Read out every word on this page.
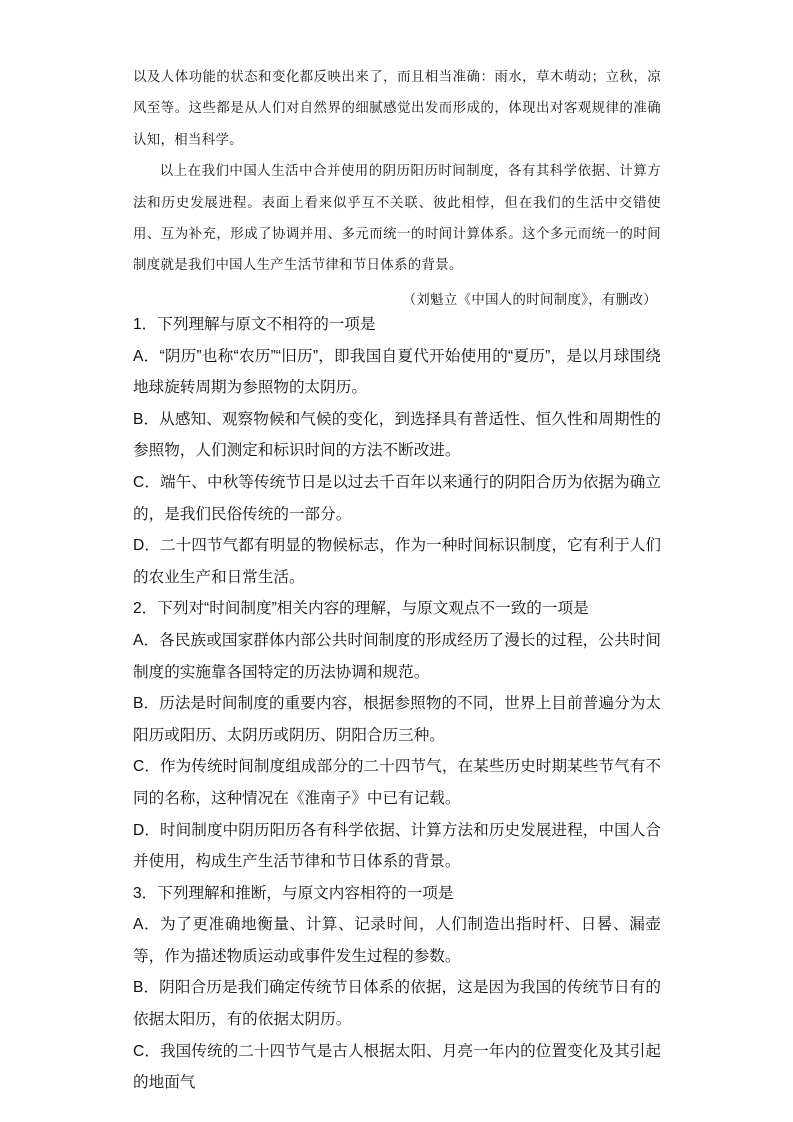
以及人体功能的状态和变化都反映出来了，而且相当准确：雨水，草木萌动；立秋，凉风至等。这些都是从人们对自然界的细腻感觉出发而形成的，体现出对客观规律的准确认知，相当科学。

以上在我们中国人生活中合并使用的阴历阳历时间制度，各有其科学依据、计算方法和历史发展进程。表面上看来似乎互不关联、彼此相悖，但在我们的生活中交错使用、互为补充，形成了协调并用、多元而统一的时间计算体系。这个多元而统一的时间制度就是我们中国人生产生活节律和节日体系的背景。

（刘魁立《中国人的时间制度》，有删改）

1．下列理解与原文不相符的一项是

A．“阴历”也称“农历”“旧历”，即我国自夏代开始使用的“夏历”，是以月球围绕地球旋转周期为参照物的太阴历。

B．从感知、观察物候和气候的变化，到选择具有普适性、恒久性和周期性的参照物，人们测定和标识时间的方法不断改进。

C．端午、中秋等传统节日是以过去千百年以来通行的阴阳合历为依据为确立的，是我们民俗传统的一部分。

D．二十四节气都有明显的物候标志，作为一种时间标识制度，它有利于人们的农业生产和日常生活。

2．下列对“时间制度”相关内容的理解，与原文观点不一致的一项是

A．各民族或国家群体内部公共时间制度的形成经历了漫长的过程，公共时间制度的实施靠各国特定的历法协调和规范。

B．历法是时间制度的重要内容，根据参照物的不同，世界上目前普遍分为太阳历或阳历、太阴历或阴历、阴阳合历三种。

C．作为传统时间制度组成部分的二十四节气，在某些历史时期某些节气有不同的名称，这种情况在《淮南子》中已有记载。

D．时间制度中阴历阳历各有科学依据、计算方法和历史发展进程，中国人合并使用，构成生产生活节律和节日体系的背景。

3．下列理解和推断，与原文内容相符的一项是

A．为了更准确地衡量、计算、记录时间，人们制造出指时杆、日晷、漏壶等，作为描述物质运动或事件发生过程的参数。

B．阴阳合历是我们确定传统节日体系的依据，这是因为我国的传统节日有的依据太阳历，有的依据太阴历。

C．我国传统的二十四节气是古人根据太阳、月亮一年内的位置变化及其引起的地面气
